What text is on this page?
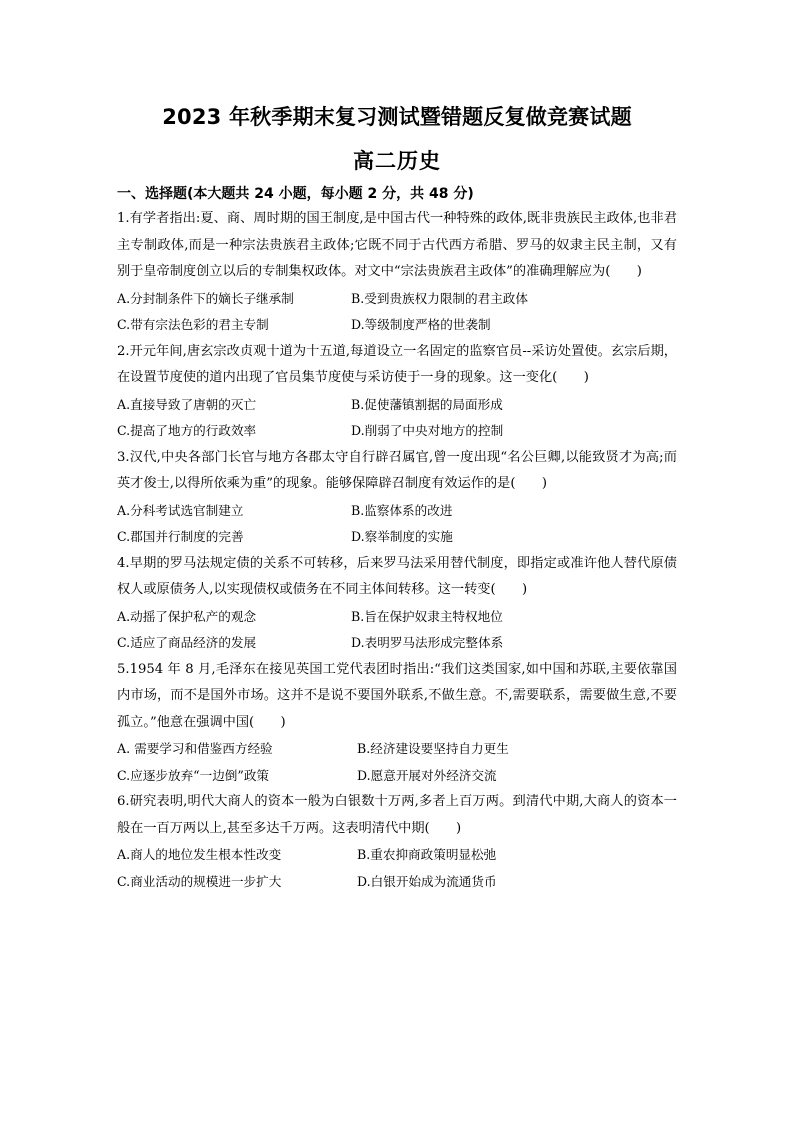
2023 年秋季期末复习测试暨错题反复做竞赛试题
高二历史
一、选择题(本大题共 24 小题，每小题 2 分，共 48 分)

1.有学者指出:夏、商、周时期的国王制度,是中国古代一种特殊的政体,既非贵族民主政体,也非君主专制政体,而是一种宗法贵族君主政体;它既不同于古代西方希腊、罗马的奴隶主民主制，又有别于皇帝制度创立以后的专制集权政体。对文中“宗法贵族君主政体”的准确理解应为(　　)

A.分封制条件下的嫡长子继承制	B.受到贵族权力限制的君主政体
C.带有宗法色彩的君主专制	D.等级制度严格的世袭制

2.开元年间,唐玄宗改贞观十道为十五道,每道设立一名固定的监察官员--采访处置使。玄宗后期，在设置节度使的道内出现了官员集节度使与采访使于一身的现象。这一变化(　　)

A.直接导致了唐朝的灭亡	B.促使藩镇割据的局面形成
C.提高了地方的行政效率	D.削弱了中央对地方的控制

3.汉代,中央各部门长官与地方各郡太守自行辟召属官,曾一度出现“名公巨卿,以能致贤才为高;而英才俊士,以得所依乘为重”的现象。能够保障辟召制度有效运作的是(　　)

A.分科考试选官制建立	B.监察体系的改进
C.郡国并行制度的完善	D.察举制度的实施

4.早期的罗马法规定债的关系不可转移，后来罗马法采用替代制度，即指定或准许他人替代原债权人或原债务人,以实现债权或债务在不同主体间转移。这一转变(　　)

A.动摇了保护私产的观念	B.旨在保护奴隶主特权地位
C.适应了商品经济的发展	D.表明罗马法形成完整体系

5.1954 年 8 月,毛泽东在接见英国工党代表团时指出:“我们这类国家,如中国和苏联,主要依靠国内市场，而不是国外市场。这并不是说不要国外联系,不做生意。不,需要联系，需要做生意,不要孤立。”他意在强调中国(　　)

A. 需要学习和借鉴西方经验	B.经济建设要坚持自力更生
C.应逐步放弃“一边倒”政策	D.愿意开展对外经济交流

6.研究表明,明代大商人的资本一般为白银数十万两,多者上百万两。到清代中期,大商人的资本一般在一百万两以上,甚至多达千万两。这表明清代中期(　　)

A.商人的地位发生根本性改变	B.重农抑商政策明显松弛
C.商业活动的规模进一步扩大	D.白银开始成为流通货币
